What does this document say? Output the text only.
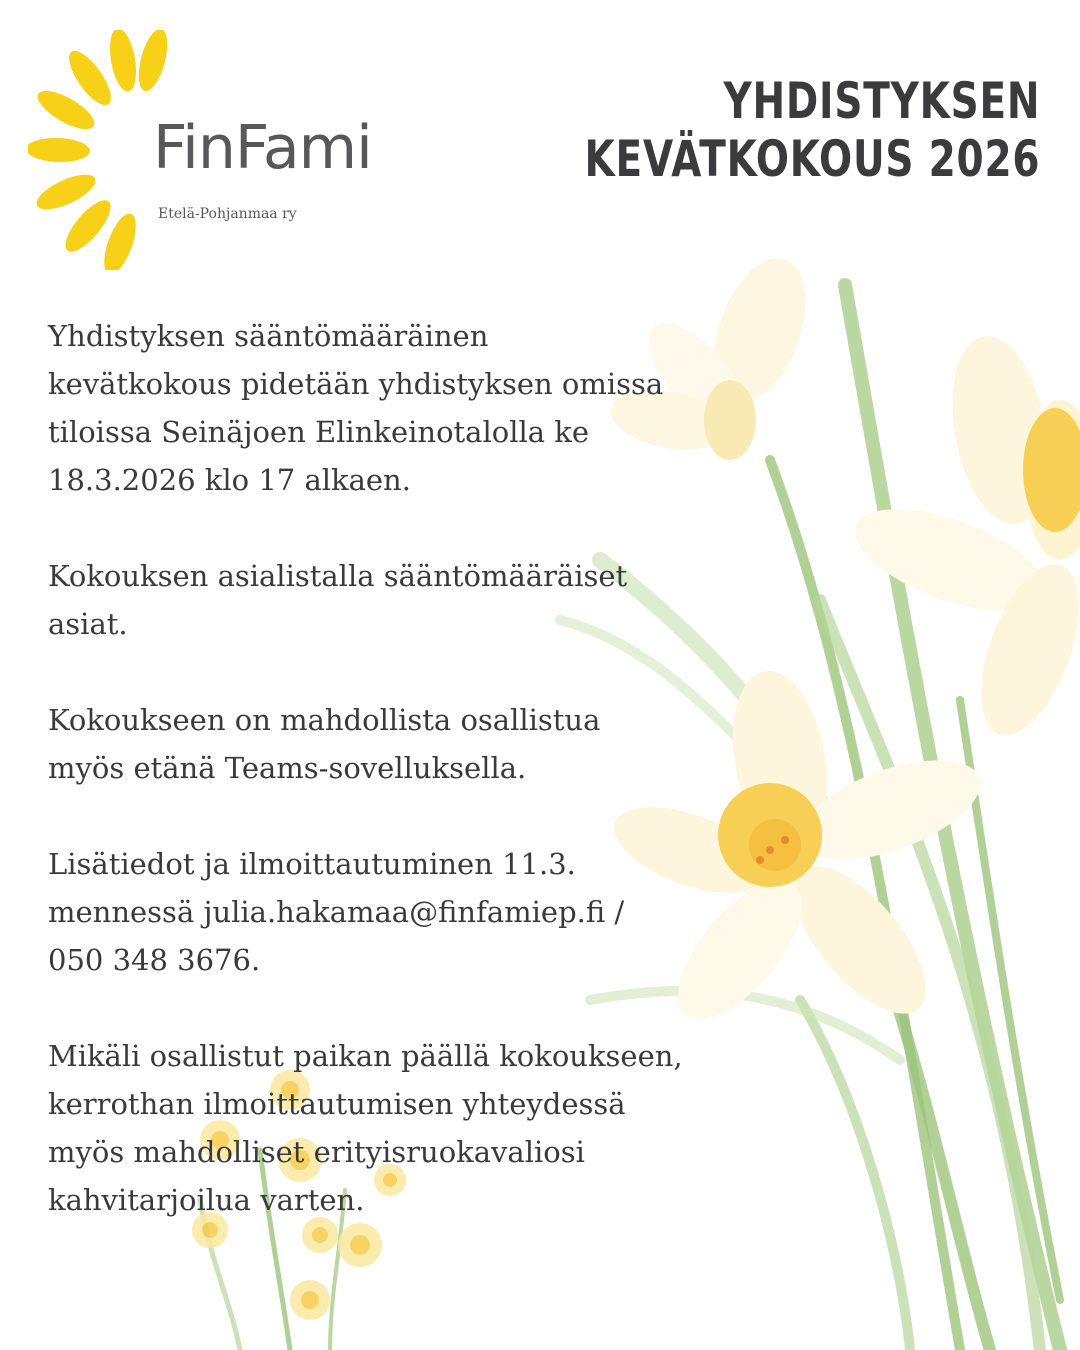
FinFami
Etelä-Pohjanmaa ry
YHDISTYKSEN
KEVÄTKOKOUS 2026
Yhdistyksen sääntömääräinen
kevätkokous pidetään yhdistyksen omissa
tiloissa Seinäjoen Elinkeinotalolla ke
18.3.2026 klo 17 alkaen.
Kokouksen asialistalla sääntömääräiset
asiat.
Kokoukseen on mahdollista osallistua
myös etänä Teams-sovelluksella.
Lisätiedot ja ilmoittautuminen 11.3.
mennessä julia.hakamaa@finfamiep.fi /
050 348 3676.
Mikäli osallistut paikan päällä kokoukseen,
kerrothan ilmoittautumisen yhteydessä
myös mahdolliset erityisruokavaliosi
kahvitarjoilua varten.
